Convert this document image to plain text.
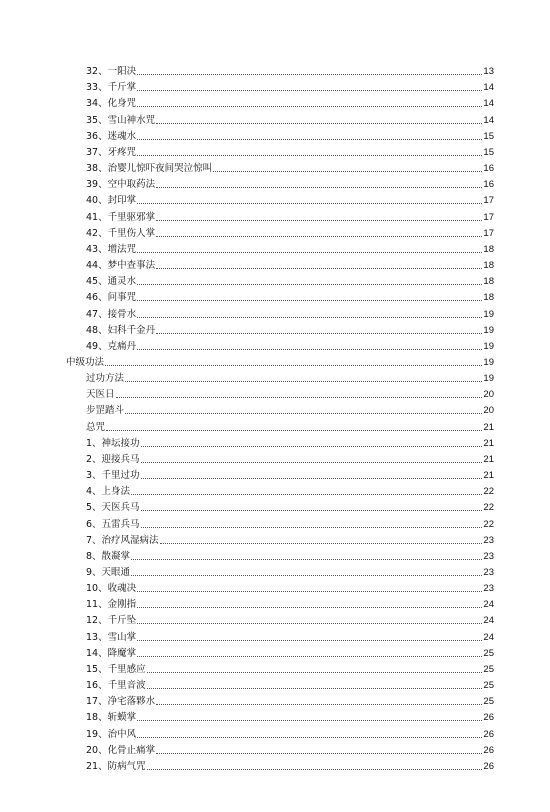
32、一阳决	13
33、千斤掌	14
34、化身咒	14
35、雪山神水咒	14
36、迷魂水	15
37、牙疼咒	15
38、治婴儿惊吓夜间哭泣惊叫	16
39、空中取药法	16
40、封印掌	17
41、千里驱邪掌	17
42、千里伤人掌	17
43、增法咒	18
44、梦中查事法	18
45、通灵水	18
46、问事咒	18
47、接骨水	19
48、妇科千金丹	19
49、克痛丹	19
中级功法	19
过功方法	19
天医日	20
步罡踏斗	20
总咒	21
1、神坛接功	21
2、迎接兵马	21
3、千里过功	21
4、上身法	22
5、天医兵马	22
6、五雷兵马	22
7、治疗风湿病法	23
8、散凝掌	23
9、天眼通	23
10、收魂决	23
11、金刚指	24
12、千斤坠	24
13、雪山掌	24
14、降魔掌	25
15、千里感应	25
16、千里音波	25
17、净宅落夥水	25
18、斩蟆掌	26
19、治中风	26
20、化骨止痛掌	26
21、防病气咒	26
